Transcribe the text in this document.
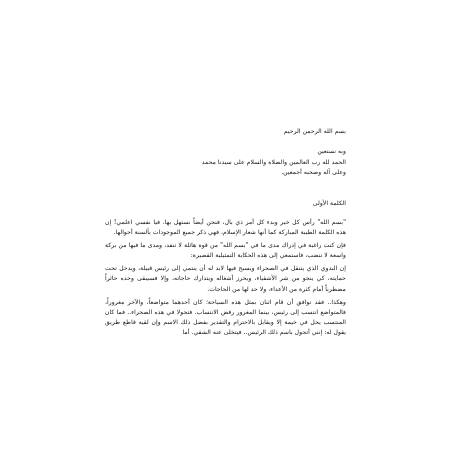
بسم الله الرحمن الرحيم
وبه نستعين
الحمد لله رب العالمين والصلاة والسلام على سيدنا محمد
وعلى آله وصحبه أجمعين.
الكلمة الأولى

"بسم الله" رأس كل خير وبدء كل أمر ذي بال، فنحن أيضاً نستهل بها. فيا نفسي اعلمي! إن هذه الكلمة الطيبة المباركة كما أنها شعار الإسلام، فهي ذكر جميع الموجودات بألسنة أحوالها.

فإن كنت راغبة في إدراك مدى ما في "بسم الله" من قوة هائلة لا تنفد، ومدى ما فيها من بركة واسعة لا تنضب، فاستمعي إلى هذه الحكاية التمثيلية القصيرة:

إن البدوي الذي يتنقل في الصحراء ويسيح فيها لابد له أن ينتمي إلى رئيس قبيلة، ويدخل تحت حمايته، كي ينجو من شر الأشقياء، ويحرز أشغاله ويتدارك حاجاته، وإلا فسيبقى وحده حائراً مضطرباً أمام كثرة من الأعداء، ولا حد لها من الحاجات.

وهكذا.. فقد توافق أن قام اثنان بمثل هذه السياحة؛ كان أحدهما متواضعاً، والآخر مغروراً، فالمتواضع انتسب إلى رئيس، بينما المغرور رفض الانتساب. فتجولا في هذه الصحراء.. فما كان المنتسب يحل في خيمة إلا ويقابل بالاحترام والتقدير بفضل ذلك الاسم وإن لقيه قاطع طريق يقول له: إنني أتجول باسم ذلك الرئيس.. فيتخلى عنه الشقي. أما
